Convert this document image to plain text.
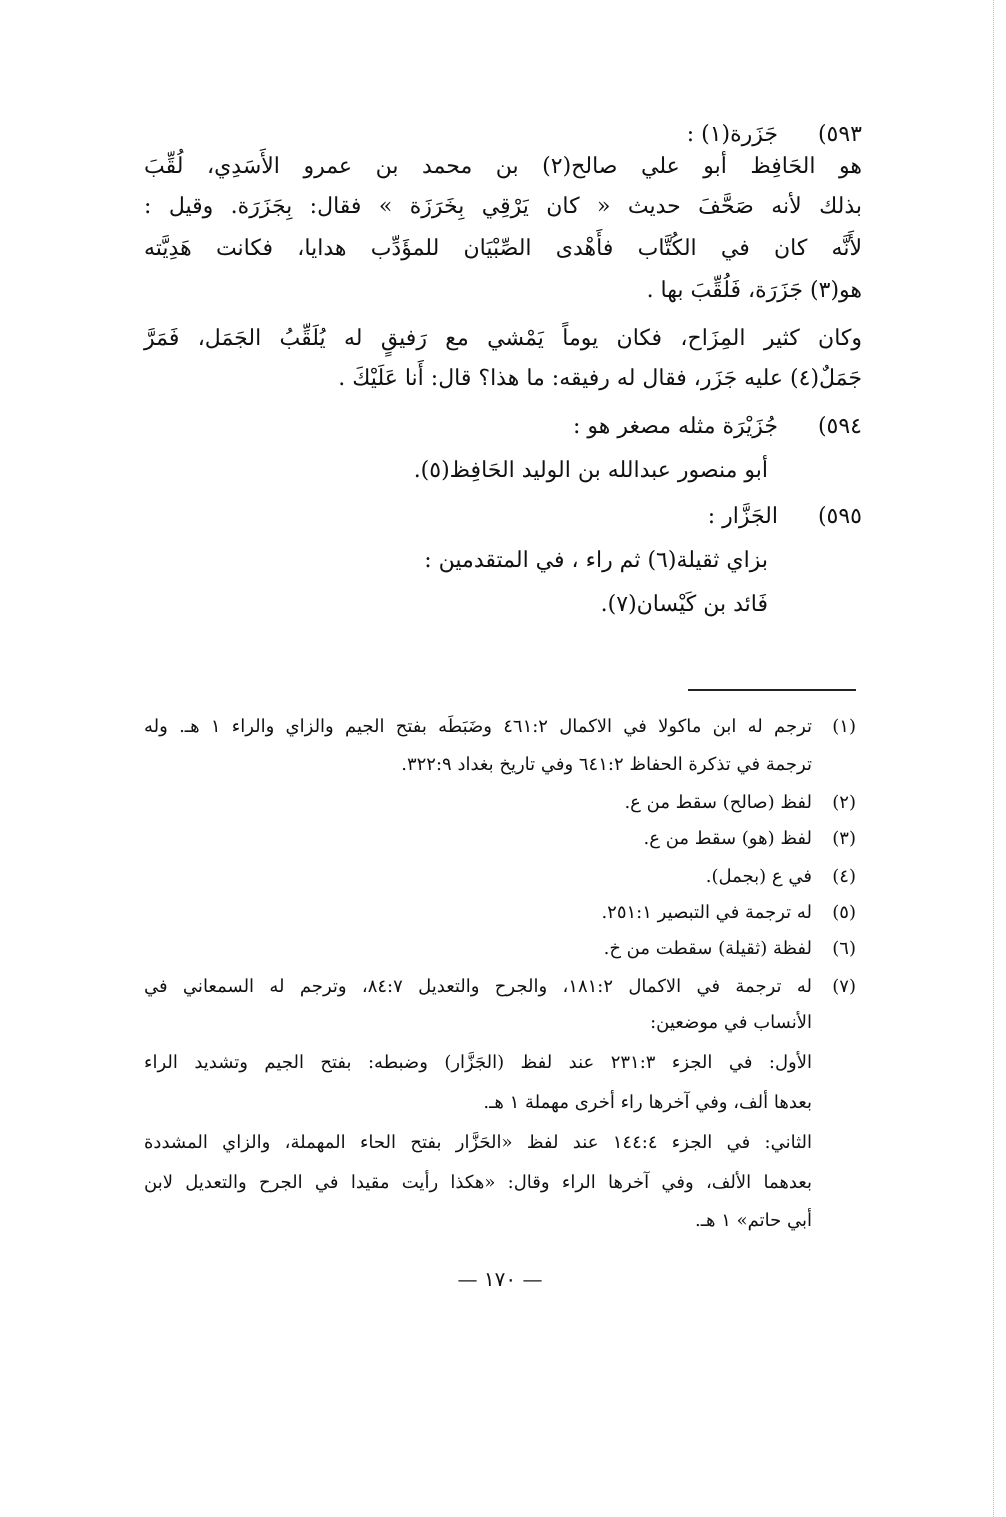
٥٩٣)
جَزَرة(١) :
هو الحَافِظ أبو علي صالح(٢) بن محمد بن عمرو الأَسَدِي، لُقِّبَ
بذلك لأنه صَحَّفَ حديث « كان يَرْقِي بِخَرَزَة » فقال: بِجَزَرَة. وقيل :
لأَنَّه كان في الكُتَّاب فأَهْدى الصِّبْيَان للمؤَدِّب هدايا، فكانت هَدِيَّته
هو(٣) جَزَرَة، فَلُقِّبَ بها .
وكان كثير المِزَاح، فكان يوماً يَمْشي مع رَفيقٍ له يُلَقِّبُ الجَمَل، فَمَرَّ
جَمَلٌ(٤) عليه جَزَر، فقال له رفيقه: ما هذا؟ قال: أَنا عَلَيْكَ .
٥٩٤)
جُزَيْرَة مثله مصغر هو :
أبو منصور عبدالله بن الوليد الحَافِظ(٥).
٥٩٥)
الجَزَّار :
بزاي ثقيلة(٦) ثم راء ، في المتقدمين :
فَائد بن كَيْسان(٧).
(١)
ترجم له ابن ماكولا في الاكمال ٤٦١:٢ وضَبَطَه بفتح الجيم والزاي والراء ١ هـ. وله
ترجمة في تذكرة الحفاظ ٦٤١:٢ وفي تاريخ بغداد ٣٢٢:٩.
(٢)
لفظ (صالح) سقط من ع.
(٣)
لفظ (هو) سقط من ع.
(٤)
في ع (بجمل).
(٥)
له ترجمة في التبصير ٢٥١:١.
(٦)
لفظة (ثقيلة) سقطت من خ.
(٧)
له ترجمة في الاكمال ١٨١:٢، والجرح والتعديل ٨٤:٧، وترجم له السمعاني في
الأنساب في موضعين:
الأول: في الجزء ٢٣١:٣ عند لفظ (الجَزَّار) وضبطه: بفتح الجيم وتشديد الراء
بعدها ألف، وفي آخرها راء أخرى مهملة ١ هـ.
الثاني: في الجزء ١٤٤:٤ عند لفظ «الحَزَّار بفتح الحاء المهملة، والزاي المشددة
بعدهما الألف، وفي آخرها الراء وقال: «هكذا رأيت مقيدا في الجرح والتعديل لابن
أبي حاتم» ١ هـ.
— ١٧٠ —
